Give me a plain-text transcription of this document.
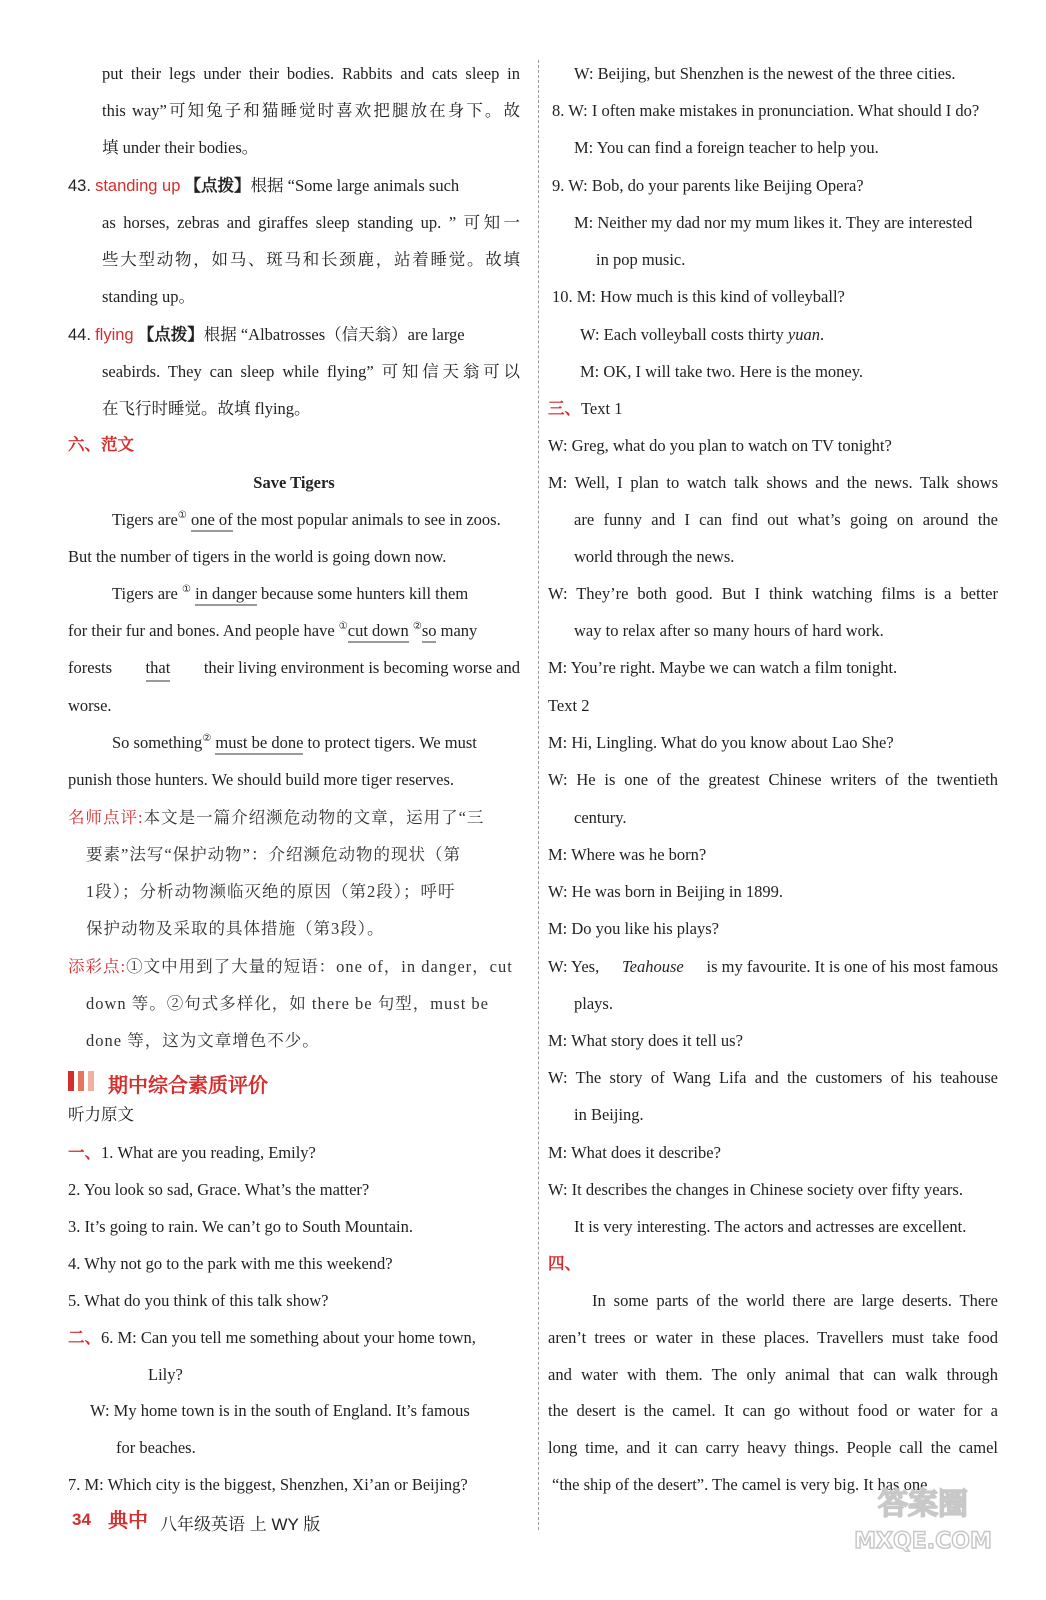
put their legs under their bodies. Rabbits and cats sleep in
this way”可知兔子和猫睡觉时喜欢把腿放在身下。故
填 under their bodies。
43. standing up 【点拨】根据 “Some large animals such
as horses, zebras and giraffes sleep standing up. ” 可知一
些大型动物，如马、斑马和长颈鹿，站着睡觉。故填
standing up。
44. flying 【点拨】根据 “Albatrosses（信天翁）are large
seabirds. They can sleep while flying” 可知信天翁可以
在飞行时睡觉。故填 flying。
六、范文
Save Tigers
Tigers are① one of the most popular animals to see in zoos.
But the number of tigers in the world is going down now.
Tigers are ① in danger because some hunters kill them
for their fur and bones. And people have ①cut down ②so many
forests that their living environment is becoming worse and
worse.
So something② must be done to protect tigers. We must
punish those hunters. We should build more tiger reserves.
名师点评:本文是一篇介绍濒危动物的文章，运用了“三
要素”法写“保护动物”：介绍濒危动物的现状（第
1段）；分析动物濒临灭绝的原因（第2段）；呼吁
保护动物及采取的具体措施（第3段）。
添彩点:①文中用到了大量的短语：one of，in danger，cut
down 等。②句式多样化，如 there be 句型，must be
done 等，这为文章增色不少。
听力原文
一、1. What are you reading, Emily?
2. You look so sad, Grace. What’s the matter?
3. It’s going to rain. We can’t go to South Mountain.
4. Why not go to the park with me this weekend?
5. What do you think of this talk show?
二、6. M: Can you tell me something about your home town,
Lily?
W: My home town is in the south of England. It’s famous
for beaches.
7. M: Which city is the biggest, Shenzhen, Xi’an or Beijing?
期中综合素质评价
W: Beijing, but Shenzhen is the newest of the three cities.
8. W: I often make mistakes in pronunciation. What should I do?
M: You can find a foreign teacher to help you.
9. W: Bob, do your parents like Beijing Opera?
M: Neither my dad nor my mum likes it. They are interested
in pop music.
10. M: How much is this kind of volleyball?
W: Each volleyball costs thirty yuan.
M: OK, I will take two. Here is the money.
三、Text 1
W: Greg, what do you plan to watch on TV tonight?
M: Well, I plan to watch talk shows and the news. Talk shows
are funny and I can find out what’s going on around the
world through the news.
W: They’re both good. But I think watching films is a better
way to relax after so many hours of hard work.
M: You’re right. Maybe we can watch a film tonight.
Text 2
M: Hi, Lingling. What do you know about Lao She?
W: He is one of the greatest Chinese writers of the twentieth
century.
M: Where was he born?
W: He was born in Beijing in 1899.
M: Do you like his plays?
W: Yes, Teahouse is my favourite. It is one of his most famous
plays.
M: What story does it tell us?
W: The story of Wang Lifa and the customers of his teahouse
in Beijing.
M: What does it describe?
W: It describes the changes in Chinese society over fifty years.
It is very interesting. The actors and actresses are excellent.
四、
In some parts of the world there are large deserts. There
aren’t trees or water in these places. Travellers must take food
and water with them. The only animal that can walk through
the desert is the camel. It can go without food or water for a
long time, and it can carry heavy things. People call the camel
“the ship of the desert”. The camel is very big. It has one
34 典中 八年级英语 上 WY 版
答案圈
MXQE.COM
